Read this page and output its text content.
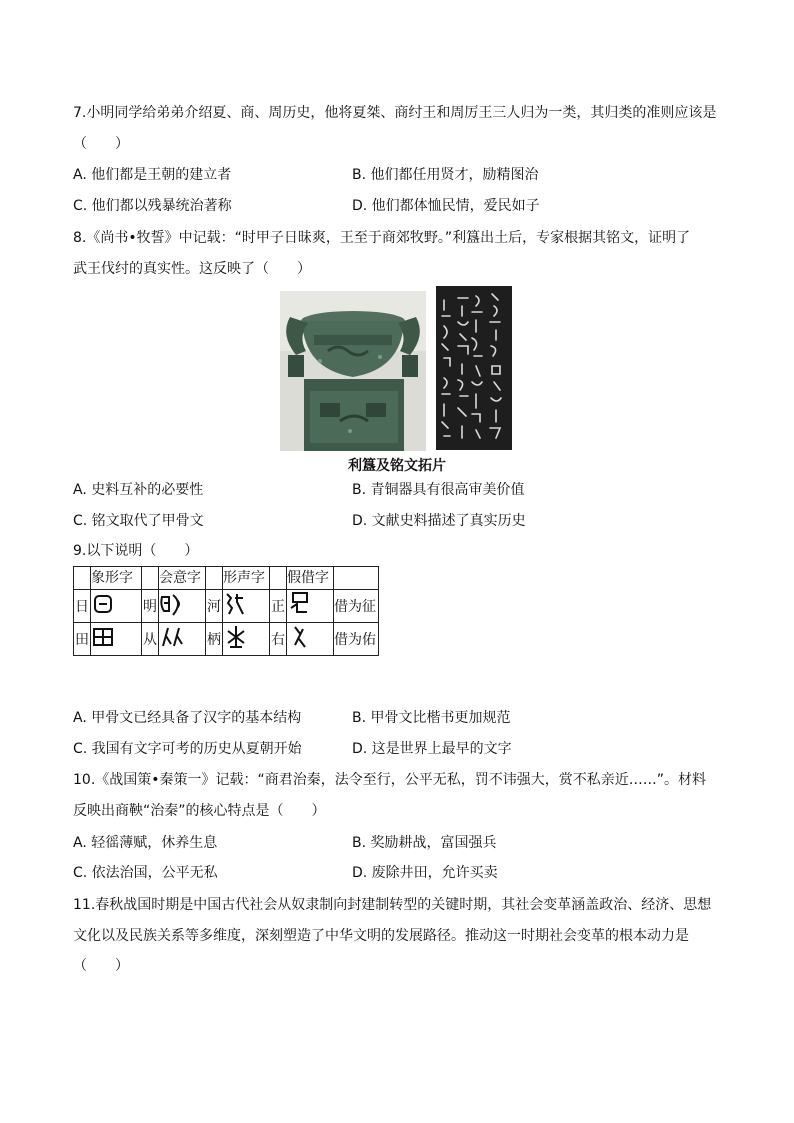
7.小明同学给弟弟介绍夏、商、周历史，他将夏桀、商纣王和周厉王三人归为一类，其归类的准则应该是
（　　）
A. 他们都是王朝的建立者	B. 他们都任用贤才，励精图治
C. 他们都以残暴统治著称	D. 他们都体恤民情，爱民如子
8.《尚书•牧誓》中记载：“时甲子日昧爽，王至于商郊牧野。”利簋出土后，专家根据其铭文，证明了
武王伐纣的真实性。这反映了（　　）
利簋及铭文拓片
A. 史料互补的必要性	B. 青铜器具有很高审美价值
C. 铭文取代了甲骨文	D. 文献史料描述了真实历史
9.以下说明（　　）
	象形字		会意字		形声字		假借字	
日		明		河		正		借为征
田		从		柄		右		借为佑
A. 甲骨文已经具备了汉字的基本结构	B. 甲骨文比楷书更加规范
C. 我国有文字可考的历史从夏朝开始	D. 这是世界上最早的文字
10.《战国策•秦策一》记载：“商君治秦，法令至行，公平无私，罚不讳强大，赏不私亲近……”。材料
反映出商鞅“治秦”的核心特点是（　　）
A. 轻徭薄赋，休养生息	B. 奖励耕战，富国强兵
C. 依法治国，公平无私	D. 废除井田，允许买卖
11.春秋战国时期是中国古代社会从奴隶制向封建制转型的关键时期，其社会变革涵盖政治、经济、思想
文化以及民族关系等多维度，深刻塑造了中华文明的发展路径。推动这一时期社会变革的根本动力是
（　　）
